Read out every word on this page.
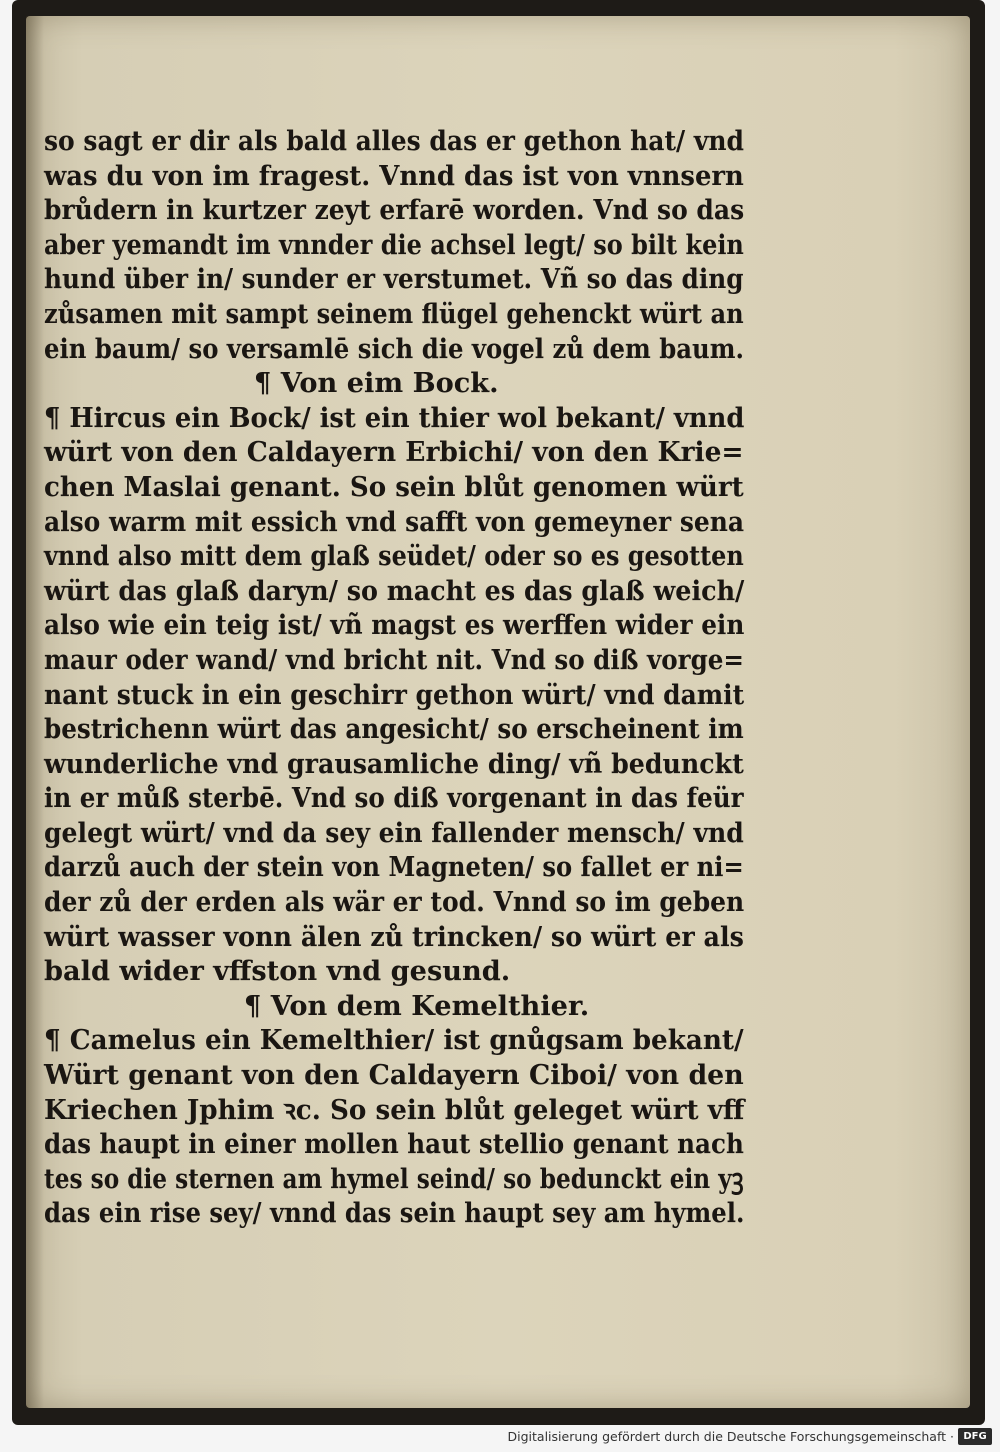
so sagt er dir als bald alles das er gethon hat/ vnd
was du von im fragest. Vnnd das ist von vnnsern
brůdern in kurtzer zeyt erfarē worden. Vnd so das
aber yemandt im vnnder die achsel legt/ so bilt kein
hund über in/ sunder er verstumet. Vñ so das ding
zůsamen mit sampt seinem flügel gehenckt würt an
ein baum/ so versamlē sich die vogel zů dem baum.
¶ Von eim Bock.
¶ Hircus ein Bock/ ist ein thier wol bekant/ vnnd
würt von den Caldayern Erbichi/ von den Krie=
chen Maslai genant. So sein blůt genomen würt
also warm mit essich vnd safft von gemeyner sena
vnnd also mitt dem glaß seüdet/ oder so es gesotten
würt das glaß daryn/ so macht es das glaß weich/
also wie ein teig ist/ vñ magst es werffen wider ein
maur oder wand/ vnd bricht nit. Vnd so diß vorge=
nant stuck in ein geschirr gethon würt/ vnd damit
bestrichenn würt das angesicht/ so erscheinent im
wunderliche vnd grausamliche ding/ vñ bedunckt
in er můß sterbē. Vnd so diß vorgenant in das feür
gelegt würt/ vnd da sey ein fallender mensch/ vnd
darzů auch der stein von Magneten/ so fallet er ni=
der zů der erden als wär er tod. Vnnd so im geben
würt wasser vonn älen zů trincken/ so würt er als
bald wider vffston vnd gesund.
¶ Von dem Kemelthier.
¶ Camelus ein Kemelthier/ ist gnůgsam bekant/
Würt genant von den Caldayern Ciboi/ von den
Kriechen Jphim ꝛc. So sein blůt geleget würt vff
das haupt in einer mollen haut stellio genant nach
tes so die sternen am hymel seind/ so bedunckt ein yꝫ
das ein rise sey/ vnnd das sein haupt sey am hymel.
Digitalisierung gefördert durch die Deutsche Forschungsgemeinschaft · DFG
